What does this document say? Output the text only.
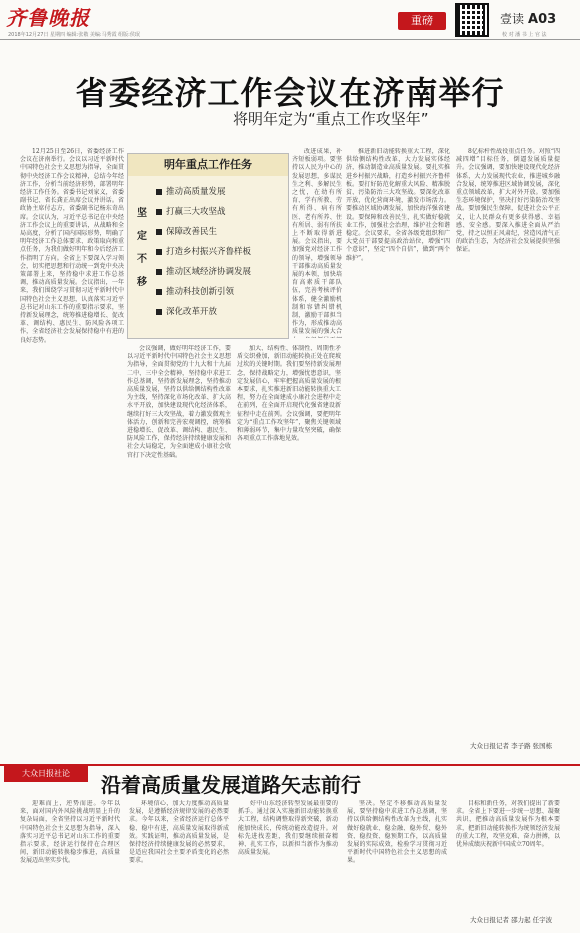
齐鲁晚报
2018年12月27日 星期四 编辑:张敬 美编:马秀霞 组版:侯珉
重磅	壹读 A03
校 对 潘 书 上 官 法
省委经济工作会议在济南举行
将明年定为“重点工作攻坚年”

12月25日至26日，省委经济工作会议在济南举行。会议以习近平新时代中国特色社会主义思想为指导，全面贯彻中央经济工作会议精神，总结今年经济工作，分析当前经济形势，部署明年经济工作任务。省委书记刘家义，省委副书记、省长龚正出席会议并讲话。省政协主席付志方，省委副书记杨东奇出席。会议认为，习近平总书记在中央经济工作会议上的重要讲话，从战略和全局高度，分析了国内国际形势，明确了明年经济工作总体要求、政策取向和重点任务，为我们做好明年和今后经济工作指明了方向。全省上下要深入学习领会，切实把思想和行动统一到党中央决策部署上来，坚持稳中求进工作总基调，推动高质量发展。会议指出，一年来，我们围绕学习贯彻习近平新时代中国特色社会主义思想，认真落实习近平总书记对山东工作的重要指示要求，坚持新发展理念，统筹推进稳增长、促改革、调结构、惠民生、防风险各项工作，全省经济社会发展保持稳中有进的良好态势。

明年重点工作任务
坚定不移
推动高质量发展
打赢三大攻坚战
保障改善民生
打造乡村振兴齐鲁样板
推动区域经济协调发展
推动科技创新引领
深化改革开放

会议强调，做好明年经济工作，要以习近平新时代中国特色社会主义思想为指导，全面贯彻党的十九大和十九届二中、三中全会精神，坚持稳中求进工作总基调，坚持新发展理念，坚持推动高质量发展，坚持以供给侧结构性改革为主线，坚持深化市场化改革、扩大高水平开放，加快建设现代化经济体系，继续打好三大攻坚战，着力激发微观主体活力，创新和完善宏观调控，统筹推进稳增长、促改革、调结构、惠民生、防风险工作，保持经济持续健康发展和社会大局稳定，为全面建成小康社会收官打下决定性基础。

加大、结构性、体制性、周期性矛盾交织叠加，新旧动能转换正处在爬坡过坎的关键时期。我们要坚持新发展理念，保持战略定力，增强忧患意识，坚定发展信心，牢牢把握高质量发展的根本要求，扎实推进新旧动能转换重大工程，努力在全面建成小康社会进程中走在前列，在全面开启现代化强省建设新征程中走在前列。会议强调，要把明年定为“重点工作攻坚年”，聚焦关键领域和薄弱环节，集中力量攻坚突破，确保各项重点工作落地见效。

推进新旧动能转换重大工程，深化供给侧结构性改革，大力发展实体经济，推动制造业高质量发展。要扎实推进乡村振兴战略，打造乡村振兴齐鲁样板。要打好防范化解重大风险、精准脱贫、污染防治三大攻坚战。要深化改革开放，优化营商环境，激发市场活力。要推动区域协调发展，加快海洋强省建设。要保障和改善民生，扎实做好稳就业工作，加强社会治理，维护社会和谐稳定。会议要求，全省各级党组织和广大党员干部要提高政治站位，增强“四个意识”，坚定“四个自信”，做到“两个维护”。

8亿标杆性战役重点任务。对照“四减四增”目标任务，倒逼发展质量提升。会议强调，要加快建设现代化经济体系，大力发展现代农业，推进城乡融合发展，统筹推进区域协调发展，深化重点领域改革，扩大对外开放。要加强生态环境保护，坚决打好污染防治攻坚战。要加强民生保障，促进社会公平正义，让人民群众有更多获得感、幸福感、安全感。要深入推进全面从严治党，持之以恒正风肃纪，营造风清气正的政治生态，为经济社会发展提供坚强保证。

改进成果，补齐短板弱项。要坚持以人民为中心的发展思想，多谋民生之利、多解民生之忧，在幼有所育、学有所教、劳有所得、病有所医、老有所养、住有所居、弱有所扶上不断取得新进展。会议指出，要加强党对经济工作的领导，增强领导干部推动高质量发展的本领，加快培育高素质干部队伍，完善考核评价体系，健全激励机制和容错纠错机制，激励干部担当作为，形成推动高质量发展的强大合

大众日报记者 李子路 张国栋
大众日报社论	沿着高质量发展道路矢志前行

迎难而上，逆势而进。今年以来，面对国内外风险挑战明显上升的复杂局面，全省坚持以习近平新时代中国特色社会主义思想为指导，深入落实习近平总书记对山东工作的重要指示要求，经济运行保持在合理区间，新旧动能转换稳步推进，高质量发展迈出坚实步伐。

环境信心，加大力度推动高质量发展，是遵循经济规律发展的必然要求。今年以来，全省经济运行总体平稳、稳中有进，高质量发展取得新成效。实践证明，推动高质量发展，是保持经济持续健康发展的必然要求，是适应我国社会主要矛盾变化的必然要求。

好中山东经济转型发展最重要的抓手。通过深入实施新旧动能转换重大工程，结构调整取得新突破，新动能加快成长，传统动能改造提升。对标先进找差距，我们要继续振奋精神、扎实工作，以新担当新作为推动高质量发展。

坚决。坚定不移推动高质量发展，要坚持稳中求进工作总基调，坚持以供给侧结构性改革为主线，扎实做好稳就业、稳金融、稳外贸、稳外资、稳投资、稳预期工作，以高质量发展的实际成效，检验学习贯彻习近平新时代中国特色社会主义思想的成果。

目标和新任务，对我们提出了新要求。全省上下要进一步统一思想、凝聚共识，把推动高质量发展作为根本要求，把新旧动能转换作为统领经济发展的重大工程，攻坚克难、奋力拼搏，以优异成绩庆祝新中国成立70周年。

大众日报记者 邵力起 任宇波
